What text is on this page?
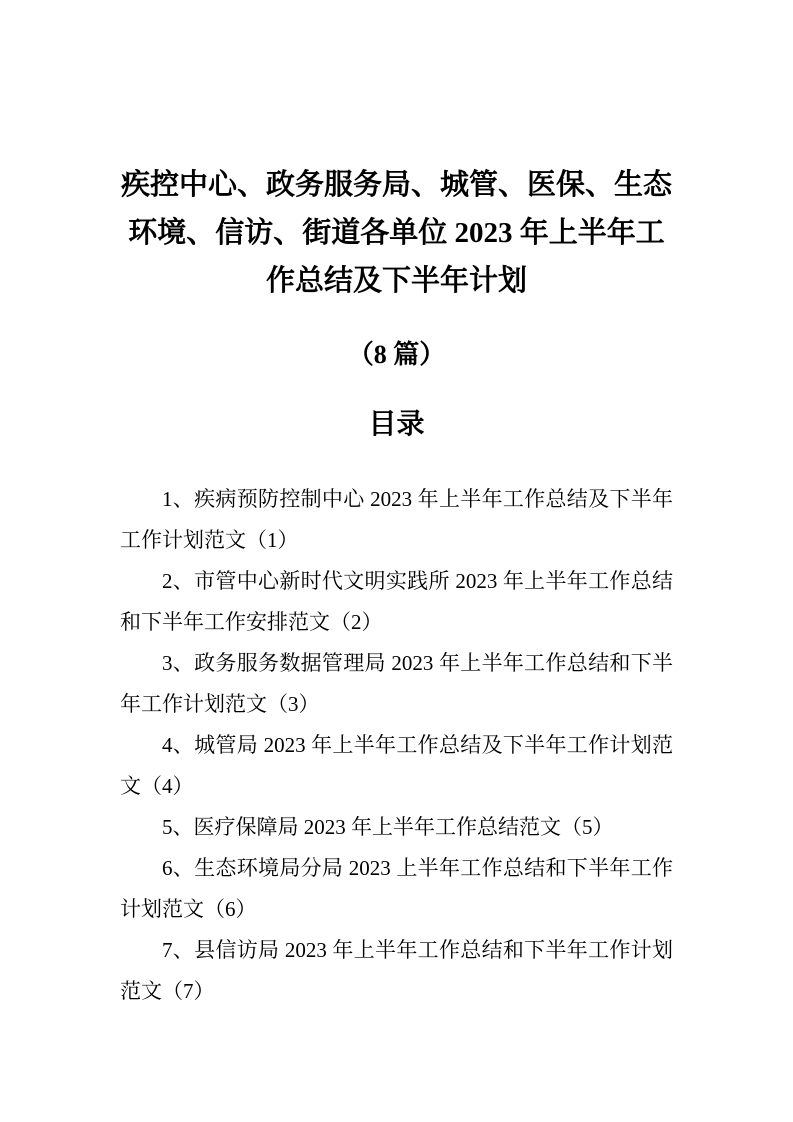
疾控中心、政务服务局、城管、医保、生态环境、信访、街道各单位 2023 年上半年工作总结及下半年计划

（8 篇）

目录

1、疾病预防控制中心 2023 年上半年工作总结及下半年工作计划范文（1）

2、市管中心新时代文明实践所 2023 年上半年工作总结和下半年工作安排范文（2）

3、政务服务数据管理局 2023 年上半年工作总结和下半年工作计划范文（3）

4、城管局 2023 年上半年工作总结及下半年工作计划范文（4）

5、医疗保障局 2023 年上半年工作总结范文（5）

6、生态环境局分局 2023 上半年工作总结和下半年工作计划范文（6）

7、县信访局 2023 年上半年工作总结和下半年工作计划范文（7）
